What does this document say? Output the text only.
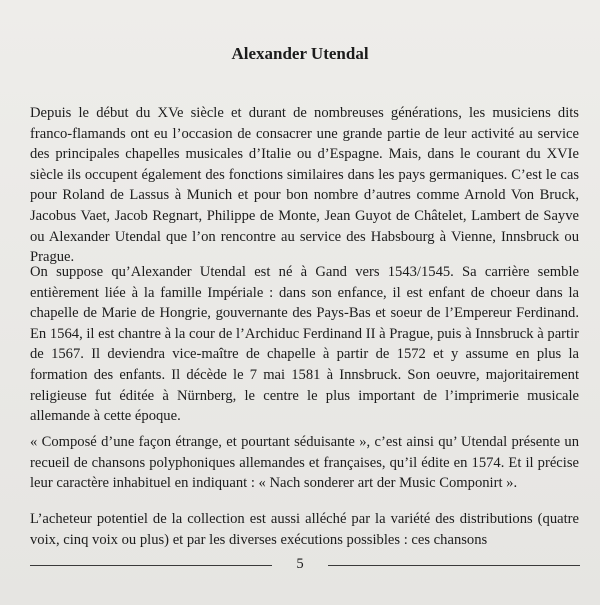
Alexander Utendal
Depuis le début du XVe siècle et durant de nombreuses générations, les musiciens dits franco-flamands ont eu l’occasion de consacrer une grande partie de leur activité au service des principales chapelles musicales d’Italie ou d’Espagne. Mais, dans le courant du XVIe siècle ils occupent également des fonctions similaires dans les pays germaniques. C’est le cas pour Roland de Lassus à Munich et pour bon nombre d’autres comme Arnold Von Bruck, Jacobus Vaet, Jacob Regnart, Philippe de Monte, Jean Guyot de Châtelet, Lambert de Sayve ou Alexander Utendal que l’on rencontre au service des Habsbourg à Vienne, Innsbruck ou Prague.
On suppose qu’Alexander Utendal est né à Gand vers 1543/1545. Sa carrière semble entièrement liée à la famille Impériale : dans son enfance, il est enfant de choeur dans la chapelle de Marie de Hongrie, gouvernante des Pays-Bas et soeur de l’Empereur Ferdinand. En 1564, il est chantre à la cour de l’Archiduc Ferdinand II à Prague, puis à Innsbruck à partir de 1567. Il deviendra vice-maître de chapelle à partir de 1572 et y assume en plus la formation des enfants. Il décède le 7 mai 1581 à Innsbruck. Son oeuvre, majoritairement religieuse fut éditée à Nürnberg, le centre le plus important de l’imprimerie musicale allemande à cette époque.
« Composé d’une façon étrange, et pourtant séduisante », c’est ainsi qu’ Utendal présente un recueil de chansons polyphoniques allemandes et françaises, qu’il édite en 1574. Et il précise leur caractère inhabituel en indiquant : « Nach sonderer art der Music Componirt ».
L’acheteur potentiel de la collection est aussi alléché par la variété des distributions (quatre voix, cinq voix ou plus) et par les diverses exécutions possibles : ces chansons
5
